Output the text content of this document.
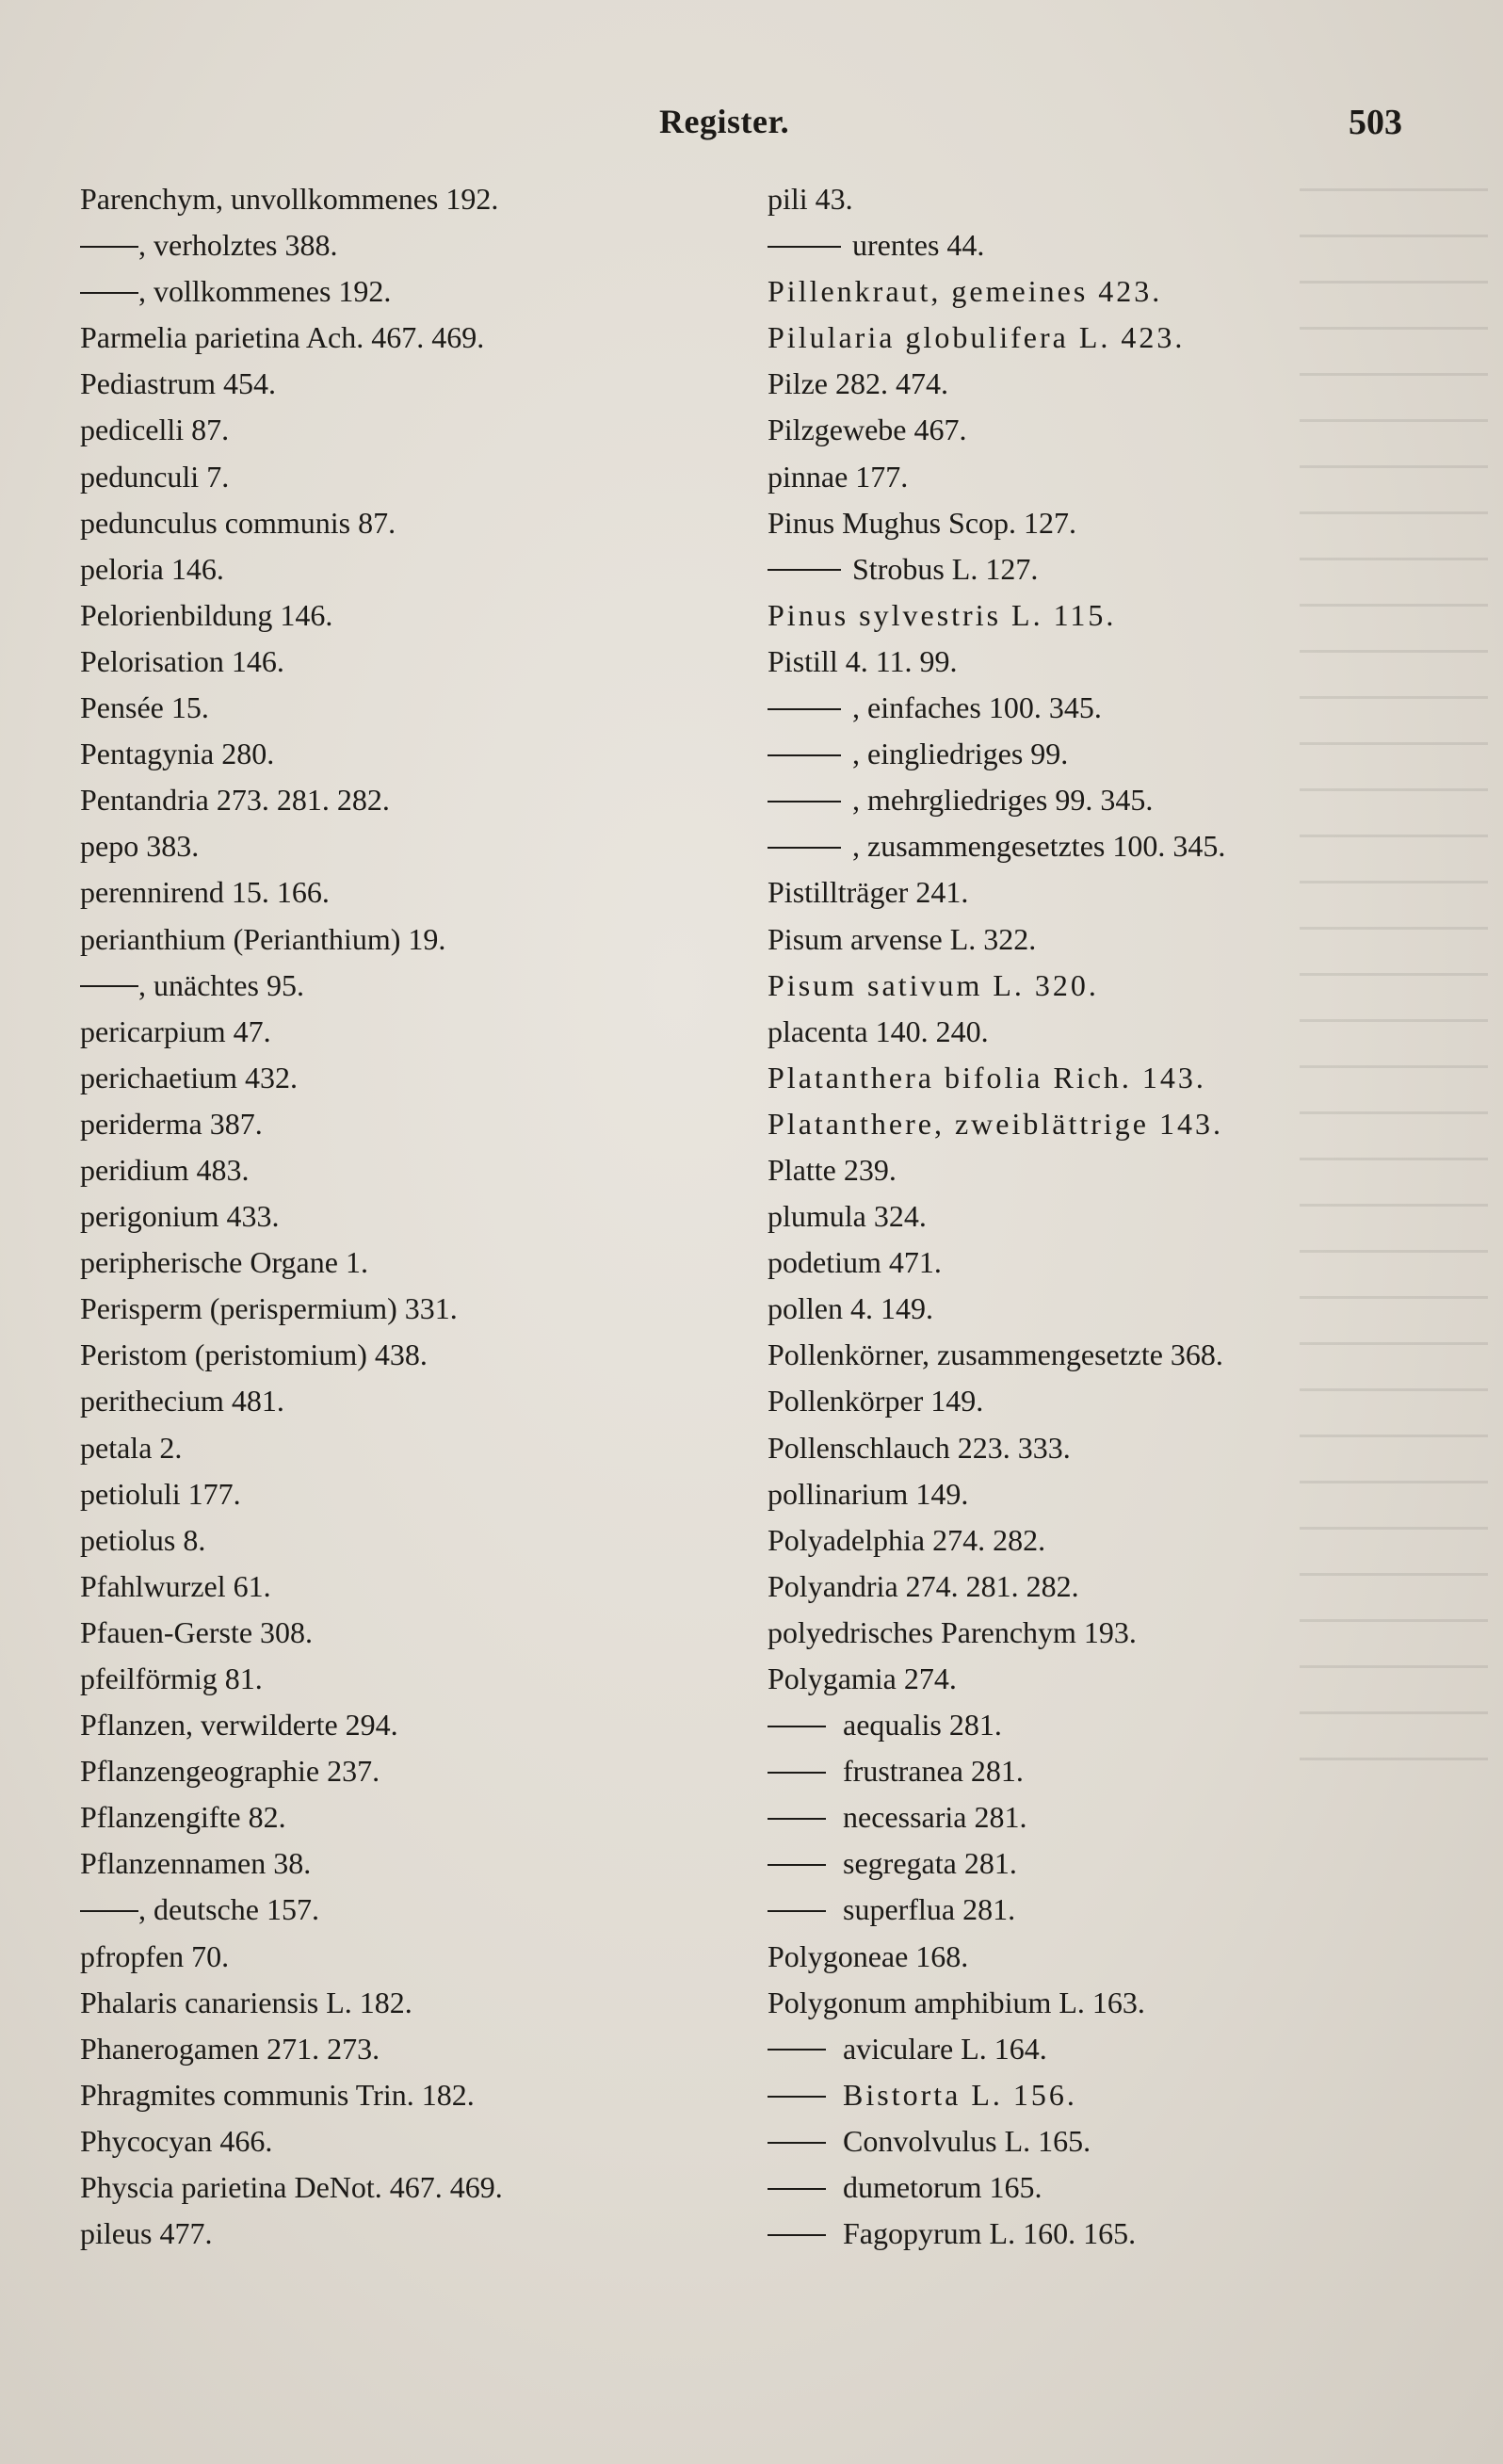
Register.	503
Parenchym, unvollkommenes 192.
, verholztes 388.
, vollkommenes 192.
Parmelia parietina Ach. 467. 469.
Pediastrum 454.
pedicelli 87.
pedunculi 7.
pedunculus communis 87.
peloria 146.
Pelorienbildung 146.
Pelorisation 146.
Pensée 15.
Pentagynia 280.
Pentandria 273. 281. 282.
pepo 383.
perennirend 15. 166.
perianthium (Perianthium) 19.
, unächtes 95.
pericarpium 47.
perichaetium 432.
periderma 387.
peridium 483.
perigonium 433.
peripherische Organe 1.
Perisperm (perispermium) 331.
Peristom (peristomium) 438.
perithecium 481.
petala 2.
petioluli 177.
petiolus 8.
Pfahlwurzel 61.
Pfauen-Gerste 308.
pfeilförmig 81.
Pflanzen, verwilderte 294.
Pflanzengeographie 237.
Pflanzengifte 82.
Pflanzennamen 38.
, deutsche 157.
pfropfen 70.
Phalaris canariensis L. 182.
Phanerogamen 271. 273.
Phragmites communis Trin. 182.
Phycocyan 466.
Physcia parietina DeNot. 467. 469.
pileus 477.
pili 43.
urentes 44.
Pillenkraut, gemeines 423.
Pilularia globulifera L. 423.
Pilze 282. 474.
Pilzgewebe 467.
pinnae 177.
Pinus Mughus Scop. 127.
Strobus L. 127.
Pinus sylvestris L. 115.
Pistill 4. 11. 99.
, einfaches 100. 345.
, eingliedriges 99.
, mehrgliedriges 99. 345.
, zusammengesetztes 100. 345.
Pistillträger 241.
Pisum arvense L. 322.
Pisum sativum L. 320.
placenta 140. 240.
Platanthera bifolia Rich. 143.
Platanthere, zweiblättrige 143.
Platte 239.
plumula 324.
podetium 471.
pollen 4. 149.
Pollenkörner, zusammengesetzte 368.
Pollenkörper 149.
Pollenschlauch 223. 333.
pollinarium 149.
Polyadelphia 274. 282.
Polyandria 274. 281. 282.
polyedrisches Parenchym 193.
Polygamia 274.
aequalis 281.
frustranea 281.
necessaria 281.
segregata 281.
superflua 281.
Polygoneae 168.
Polygonum amphibium L. 163.
aviculare L. 164.
Bistorta L. 156.
Convolvulus L. 165.
dumetorum 165.
Fagopyrum L. 160. 165.
